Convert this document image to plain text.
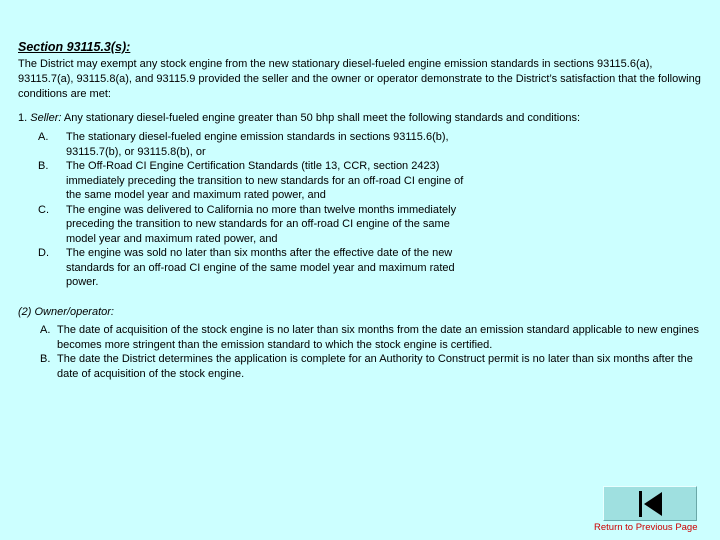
Section 93115.3(s):

The District may exempt any stock engine from the new stationary diesel-fueled engine emission standards in sections 93115.6(a), 93115.7(a), 93115.8(a), and 93115.9 provided the seller and the owner or operator demonstrate to the District’s satisfaction that the following conditions are met:

1. Seller: Any stationary diesel-fueled engine greater than 50 bhp shall meet the following standards and conditions:

A. The stationary diesel-fueled engine emission standards in sections 93115.6(b), 93115.7(b), or 93115.8(b), or
B. The Off-Road CI Engine Certification Standards (title 13, CCR, section 2423) immediately preceding the transition to new standards for an off-road CI engine of the same model year and maximum rated power, and
C. The engine was delivered to California no more than twelve months immediately preceding the transition to new standards for an off-road CI engine of the same model year and maximum rated power, and
D. The engine was sold no later than six months after the effective date of the new standards for an off-road CI engine of the same model year and maximum rated power.

(2) Owner/operator:

A. The date of acquisition of the stock engine is no later than six months from the date an emission standard applicable to new engines becomes more stringent than the emission standard to which the stock engine is certified.
B. The date the District determines the application is complete for an Authority to Construct permit is no later than six months after the date of acquisition of the stock engine.
Return to Previous Page
